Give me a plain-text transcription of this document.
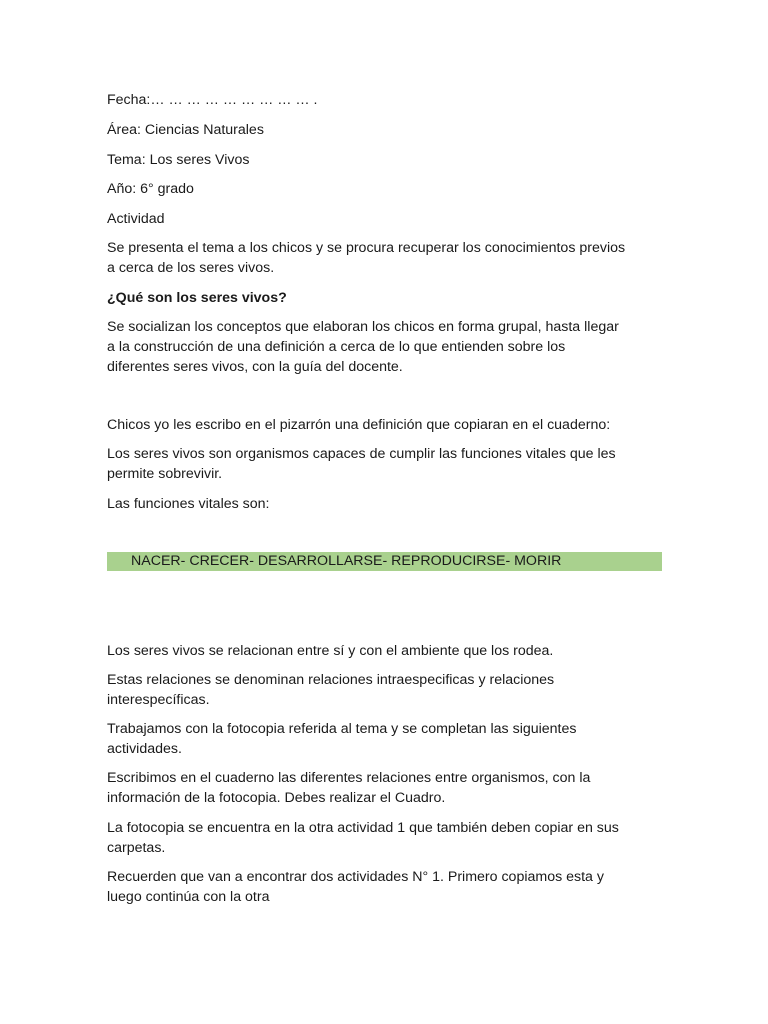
Fecha:… … … … … … … … … .
Área: Ciencias Naturales
Tema: Los seres Vivos
Año: 6° grado
Actividad
Se presenta el tema a los chicos y se procura recuperar los conocimientos previos
a cerca de los seres vivos.
¿Qué son los seres vivos?
Se socializan los conceptos que elaboran los chicos en forma grupal, hasta llegar
a la construcción de una definición a cerca de lo que entienden sobre los
diferentes seres vivos, con la guía del docente.
Chicos yo les escribo en el pizarrón una definición que copiaran en el cuaderno:
Los seres vivos son organismos capaces de cumplir las funciones vitales que les
permite sobrevivir.
Las funciones vitales son:
NACER- CRECER- DESARROLLARSE- REPRODUCIRSE- MORIR
Los seres vivos se relacionan entre sí y con el ambiente que los rodea.
Estas relaciones se denominan relaciones intraespecificas y relaciones
interespecíficas.
Trabajamos con la fotocopia referida al tema y se completan las siguientes
actividades.
Escribimos en el cuaderno las diferentes relaciones entre organismos, con la
información de la fotocopia. Debes realizar el Cuadro.
La fotocopia se encuentra en la otra actividad 1 que también deben copiar en sus
carpetas.
Recuerden que van a encontrar dos actividades N° 1. Primero copiamos esta y
luego continúa con la otra
